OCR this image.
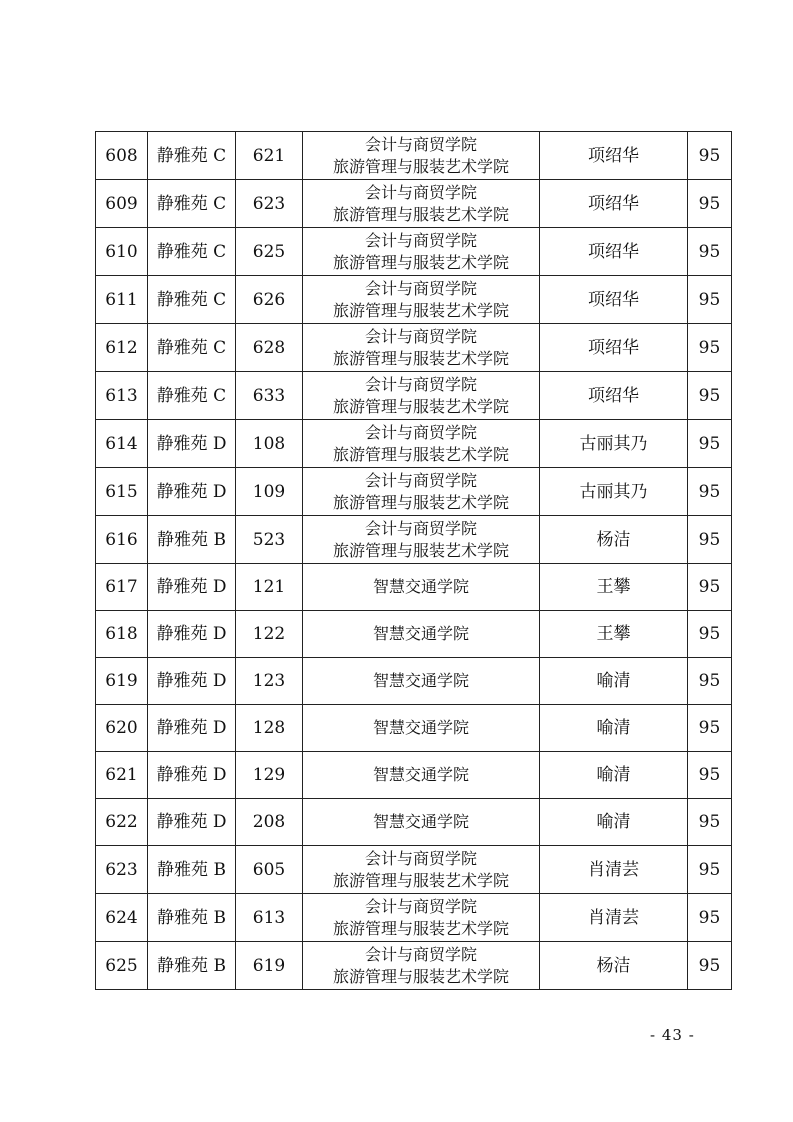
608	静雅苑 C	621	会计与商贸学院
旅游管理与服装艺术学院	项绍华	95
609	静雅苑 C	623	会计与商贸学院
旅游管理与服装艺术学院	项绍华	95
610	静雅苑 C	625	会计与商贸学院
旅游管理与服装艺术学院	项绍华	95
611	静雅苑 C	626	会计与商贸学院
旅游管理与服装艺术学院	项绍华	95
612	静雅苑 C	628	会计与商贸学院
旅游管理与服装艺术学院	项绍华	95
613	静雅苑 C	633	会计与商贸学院
旅游管理与服装艺术学院	项绍华	95
614	静雅苑 D	108	会计与商贸学院
旅游管理与服装艺术学院	古丽其乃	95
615	静雅苑 D	109	会计与商贸学院
旅游管理与服装艺术学院	古丽其乃	95
616	静雅苑 B	523	会计与商贸学院
旅游管理与服装艺术学院	杨洁	95
617	静雅苑 D	121	智慧交通学院	王攀	95
618	静雅苑 D	122	智慧交通学院	王攀	95
619	静雅苑 D	123	智慧交通学院	喻清	95
620	静雅苑 D	128	智慧交通学院	喻清	95
621	静雅苑 D	129	智慧交通学院	喻清	95
622	静雅苑 D	208	智慧交通学院	喻清	95
623	静雅苑 B	605	会计与商贸学院
旅游管理与服装艺术学院	肖清芸	95
624	静雅苑 B	613	会计与商贸学院
旅游管理与服装艺术学院	肖清芸	95
625	静雅苑 B	619	会计与商贸学院
旅游管理与服装艺术学院	杨洁	95
- 43 -
